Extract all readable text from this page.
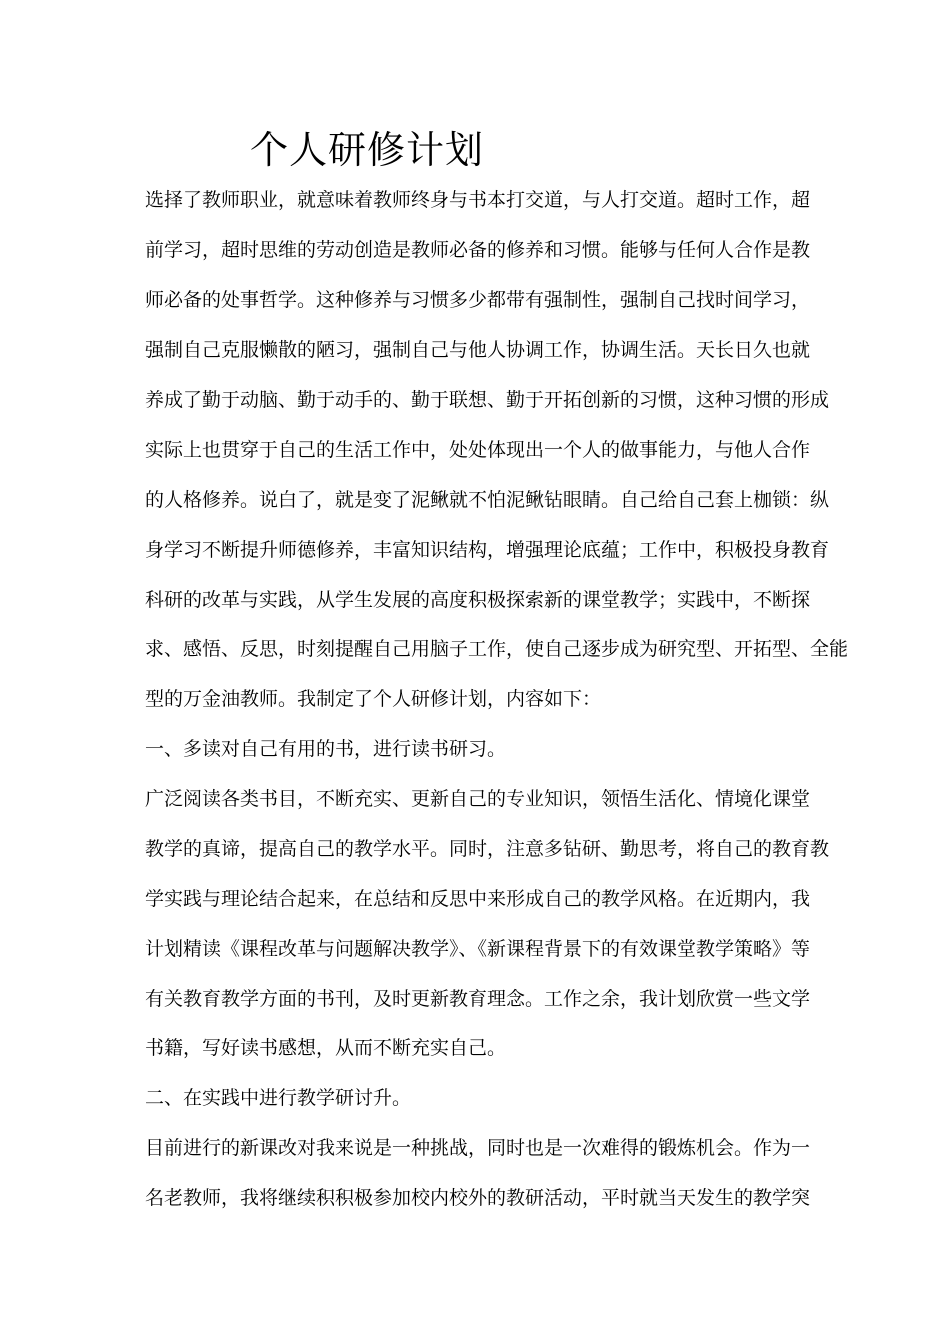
个人研修计划
选择了教师职业，就意味着教师终身与书本打交道，与人打交道。超时工作，超
前学习，超时思维的劳动创造是教师必备的修养和习惯。能够与任何人合作是教
师必备的处事哲学。这种修养与习惯多少都带有强制性，强制自己找时间学习，
强制自己克服懒散的陋习，强制自己与他人协调工作，协调生活。天长日久也就
养成了勤于动脑、勤于动手的、勤于联想、勤于开拓创新的习惯，这种习惯的形成
实际上也贯穿于自己的生活工作中，处处体现出一个人的做事能力，与他人合作
的人格修养。说白了，就是变了泥鳅就不怕泥鳅钻眼睛。自己给自己套上枷锁：纵
身学习不断提升师德修养，丰富知识结构，增强理论底蕴；工作中，积极投身教育
科研的改革与实践，从学生发展的高度积极探索新的课堂教学；实践中，不断探
求、感悟、反思，时刻提醒自己用脑子工作，使自己逐步成为研究型、开拓型、全能
型的万金油教师。我制定了个人研修计划，内容如下：
一、多读对自己有用的书，进行读书研习。
广泛阅读各类书目，不断充实、更新自己的专业知识，领悟生活化、情境化课堂
教学的真谛，提高自己的教学水平。同时，注意多钻研、勤思考，将自己的教育教
学实践与理论结合起来，在总结和反思中来形成自己的教学风格。在近期内，我
计划精读《课程改革与问题解决教学》、《新课程背景下的有效课堂教学策略》等
有关教育教学方面的书刊，及时更新教育理念。工作之余，我计划欣赏一些文学
书籍，写好读书感想，从而不断充实自己。
二、在实践中进行教学研讨升。
目前进行的新课改对我来说是一种挑战，同时也是一次难得的锻炼机会。作为一
名老教师，我将继续积积极参加校内校外的教研活动，平时就当天发生的教学突
